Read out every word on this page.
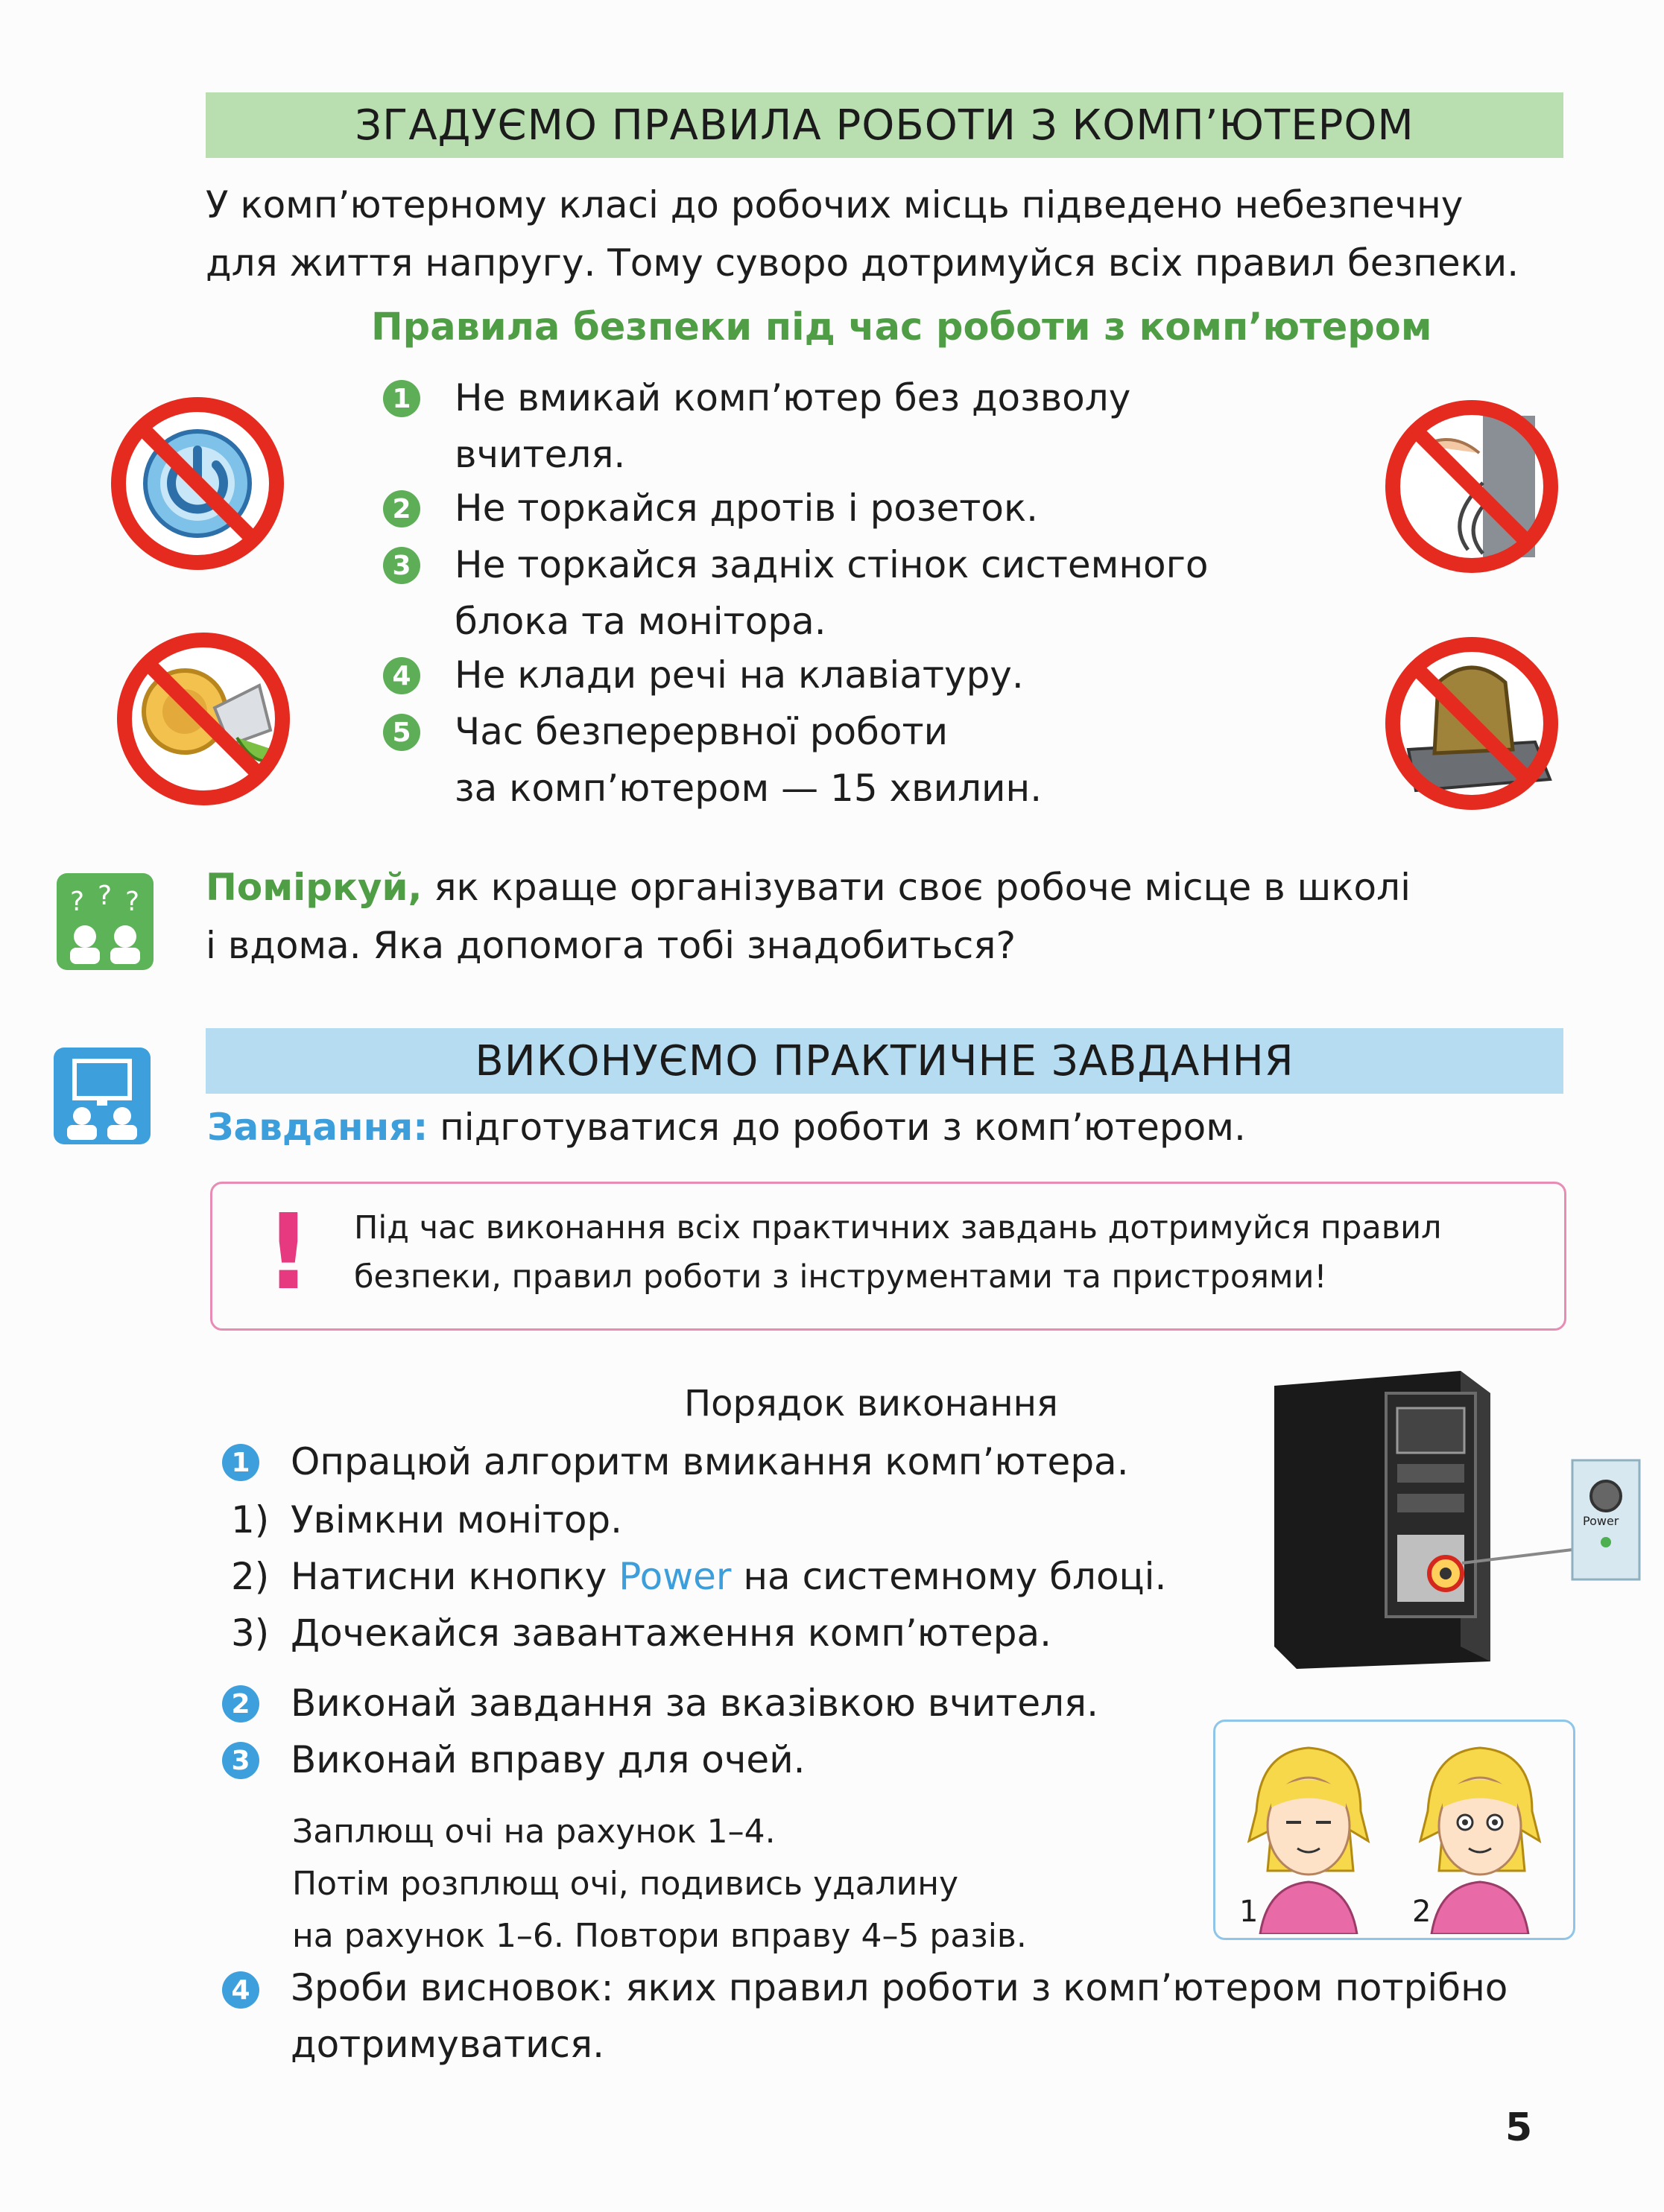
ЗГАДУЄМО ПРАВИЛА РОБОТИ З КОМП’ЮТЕРОМ
У комп’ютерному класі до робочих місць підведено небезпечну
для життя напругу. Тому суворо дотримуйся всіх правил безпеки.
Правила безпеки під час роботи з комп’ютером
1 Не вмикай комп’ютер без дозволу
вчителя.
2 Не торкайся дротів і розеток.
3 Не торкайся задніх стінок системного
блока та монітора.
4 Не клади речі на клавіатуру.
5 Час безперервної роботи
за комп’ютером — 15 хвилин.
? ? ? Поміркуй, як краще організувати своє робоче місце в школі
і вдома. Яка допомога тобі знадобиться?
ВИКОНУЄМО ПРАКТИЧНЕ ЗАВДАННЯ
Завдання: підготуватися до роботи з комп’ютером.
! Під час виконання всіх практичних завдань дотримуйся правил
безпеки, правил роботи з інструментами та пристроями!
Порядок виконання
1 Опрацюй алгоритм вмикання комп’ютера.
1) Увімкни монітор.
2) Натисни кнопку Power на системному блоці.
3) Дочекайся завантаження комп’ютера.
2 Виконай завдання за вказівкою вчителя.
3 Виконай вправу для очей.
Заплющ очі на рахунок 1–4.
Потім розплющ очі, подивись удалину
на рахунок 1–6. Повтори вправу 4–5 разів.
4 Зроби висновок: яких правил роботи з комп’ютером потрібно
дотримуватися.
Power
1	2
5
